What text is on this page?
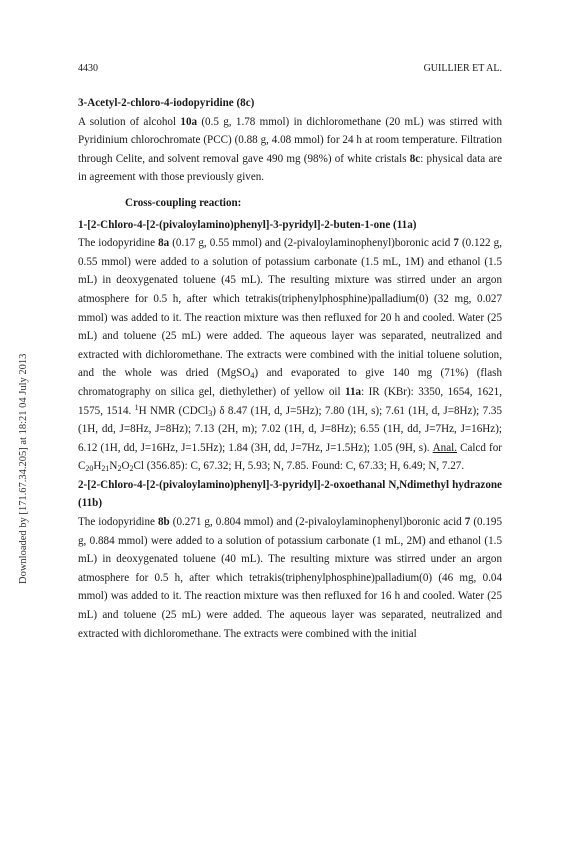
4430	GUILLIER ET AL.
Downloaded by [171.67.34.205] at 18:21 04 July 2013

3-Acetyl-2-chloro-4-iodopyridine (8c)

A solution of alcohol 10a (0.5 g, 1.78 mmol) in dichloromethane (20 mL) was stirred with Pyridinium chlorochromate (PCC) (0.88 g, 4.08 mmol) for 24 h at room temperature. Filtration through Celite, and solvent removal gave 490 mg (98%) of white cristals 8c: physical data are in agreement with those previously given.

Cross-coupling reaction:

1-[2-Chloro-4-[2-(pivaloylamino)phenyl]-3-pyridyl]-2-buten-1-one (11a)

The iodopyridine 8a (0.17 g, 0.55 mmol) and (2-pivaloylaminophenyl)boronic acid 7 (0.122 g, 0.55 mmol) were added to a solution of potassium carbonate (1.5 mL, 1M) and ethanol (1.5 mL) in deoxygenated toluene (45 mL). The resulting mixture was stirred under an argon atmosphere for 0.5 h, after which tetrakis(triphenylphosphine)palladium(0) (32 mg, 0.027 mmol) was added to it. The reaction mixture was then refluxed for 20 h and cooled. Water (25 mL) and toluene (25 mL) were added. The aqueous layer was separated, neutralized and extracted with dichloromethane. The extracts were combined with the initial toluene solution, and the whole was dried (MgSO$_4$) and evaporated to give 140 mg (71%) (flash chromatography on silica gel, diethylether) of yellow oil 11a: IR (KBr): 3350, 1654, 1621, 1575, 1514. $^1$H NMR (CDCl$_3$) δ 8.47 (1H, d, J=5Hz); 7.80 (1H, s); 7.61 (1H, d, J=8Hz); 7.35 (1H, dd, J=8Hz, J=8Hz); 7.13 (2H, m); 7.02 (1H, d, J=8Hz); 6.55 (1H, dd, J=7Hz, J=16Hz); 6.12 (1H, dd, J=16Hz, J=1.5Hz); 1.84 (3H, dd, J=7Hz, J=1.5Hz); 1.05 (9H, s). Anal. Calcd for $C_{20}H_{21}N_2O_2Cl$ (356.85): C, 67.32; H, 5.93; N, 7.85. Found: C, 67.33; H, 6.49; N, 7.27.

2-[2-Chloro-4-[2-(pivaloylamino)phenyl]-3-pyridyl]-2-oxoethanal N,Ndimethyl hydrazone (11b)

The iodopyridine 8b (0.271 g, 0.804 mmol) and (2-pivaloylaminophenyl)boronic acid 7 (0.195 g, 0.884 mmol) were added to a solution of potassium carbonate (1 mL, 2M) and ethanol (1.5 mL) in deoxygenated toluene (40 mL). The resulting mixture was stirred under an argon atmosphere for 0.5 h, after which tetrakis(triphenylphosphine)palladium(0) (46 mg, 0.04 mmol) was added to it. The reaction mixture was then refluxed for 16 h and cooled. Water (25 mL) and toluene (25 mL) were added. The aqueous layer was separated, neutralized and extracted with dichloromethane. The extracts were combined with the initial
